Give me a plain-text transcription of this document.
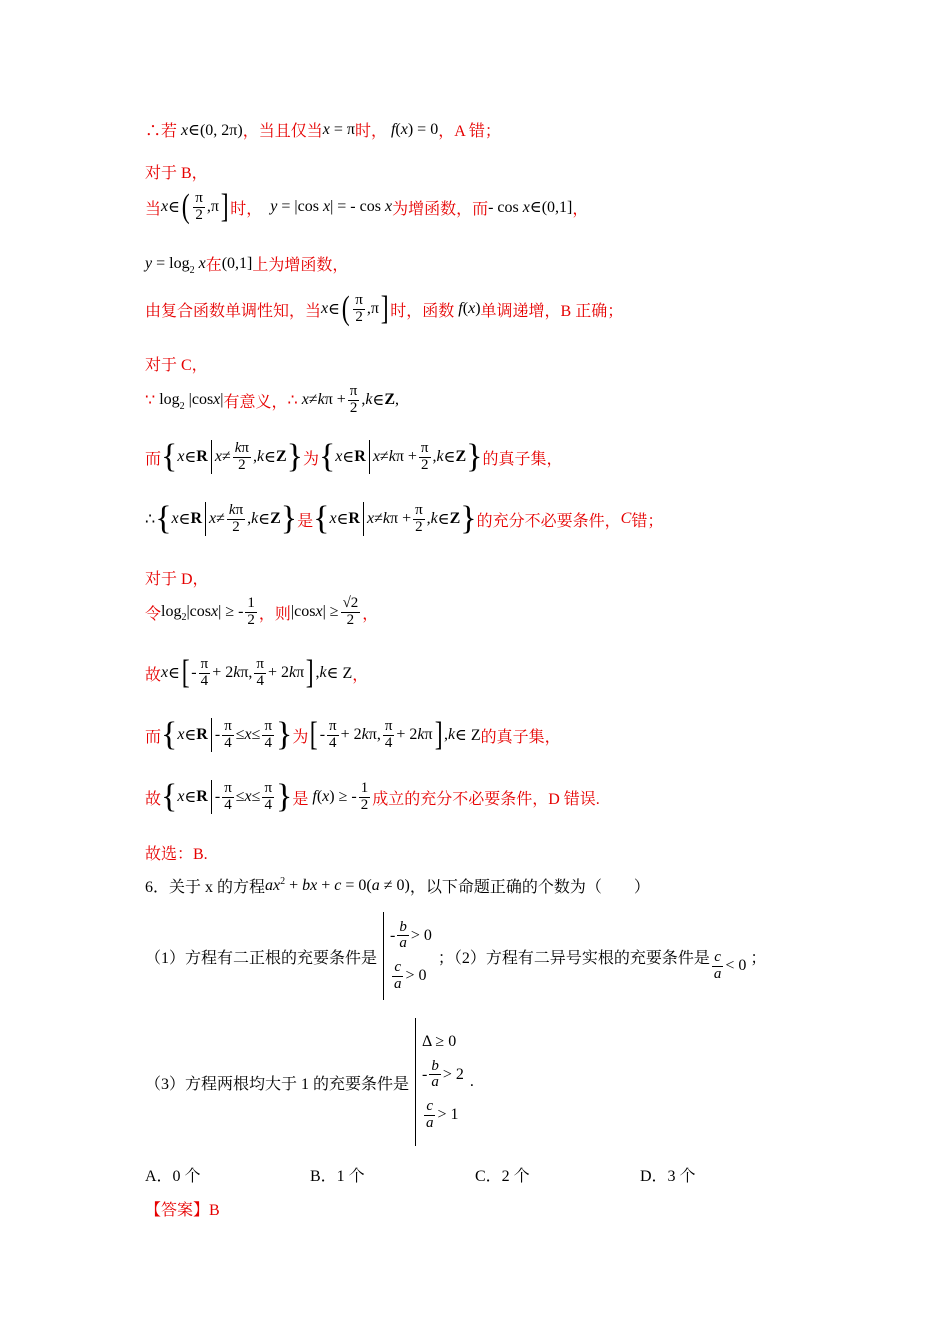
∴若 x∈(0, 2π) ，当且仅当 x = π 时， f(x) = 0 ，A 错；
对于 B，
当 x ∈ ( $\frac{\pi}{2} ,\pi$ ] 时， y = |cos x| = - cos x 为增函数，而 - cos x∈(0,1] ，
$y = \log_2 x$ 在 (0,1] 上为增函数，
由复合函数单调性知，当 x ∈ ( $\frac{\pi}{2} ,\pi$ ] 时，函数 f(x) 单调递增，B 正确；
对于 C，
∵ $\log_2 |\cos x|$ 有意义， ∴
x ≠ k $\pi + \frac{\pi}{2}$ , k ∈ Z ,
而 { x ∈ R $x \ne \frac{k\pi}{2}$ , k ∈ Z } 为 { x ∈ R x ≠ k $\pi + \frac{\pi}{2}$ , k ∈ Z } 的真子集，
∴ { x ∈ R $x \ne \frac{k\pi}{2}$ , k ∈ Z } 是 { x ∈ R x ≠ k $\pi + \frac{\pi}{2}$ , k ∈ Z } 的充分不必要条件， C 错；
对于 D，
令 log 2 |cos x | ≥ - $\frac{1}{2}$ ，则 |cos x | ≥ $\frac{√2}{2}$ ，
故 x ∈ [ - $\frac{\pi}{4} + 2$ k π, $\frac{\pi}{4} + 2$ k π ] , k ∈ Z ，
而 { x ∈ $R - \frac{\pi}{4} \le x \le \frac{\pi}{4}$ } 为 [ - $\frac{\pi}{4} + 2$ k π, $\frac{\pi}{4} + 2$ k π ] , k ∈ Z 的真子集，
故 { x ∈ $R - \frac{\pi}{4} \le x \le \frac{\pi}{4}$ } 是
f ( x ) ≥ - $\frac{1}{2}$ 成立的充分不必要条件，D 错误.
故选：B.
6．关于 x 的方程 $ax^2$ + bx + c = 0(a ≠ 0) ，以下命题正确的个数为（　　）
（1）方程有二正根的充要条件是
- $\frac{b}{a} > 0$
$\frac{c}{a} > 0$
；（2）方程有二异号实根的充要条件是 $\frac{c}{a} < 0$ ；
（3）方程两根均大于 1 的充要条件是
Δ ≥ 0
- $\frac{b}{a} > 2$
$\frac{c}{a} > 1$
.
A．0 个	B．1 个	C．2 个	D．3 个
【答案】B
